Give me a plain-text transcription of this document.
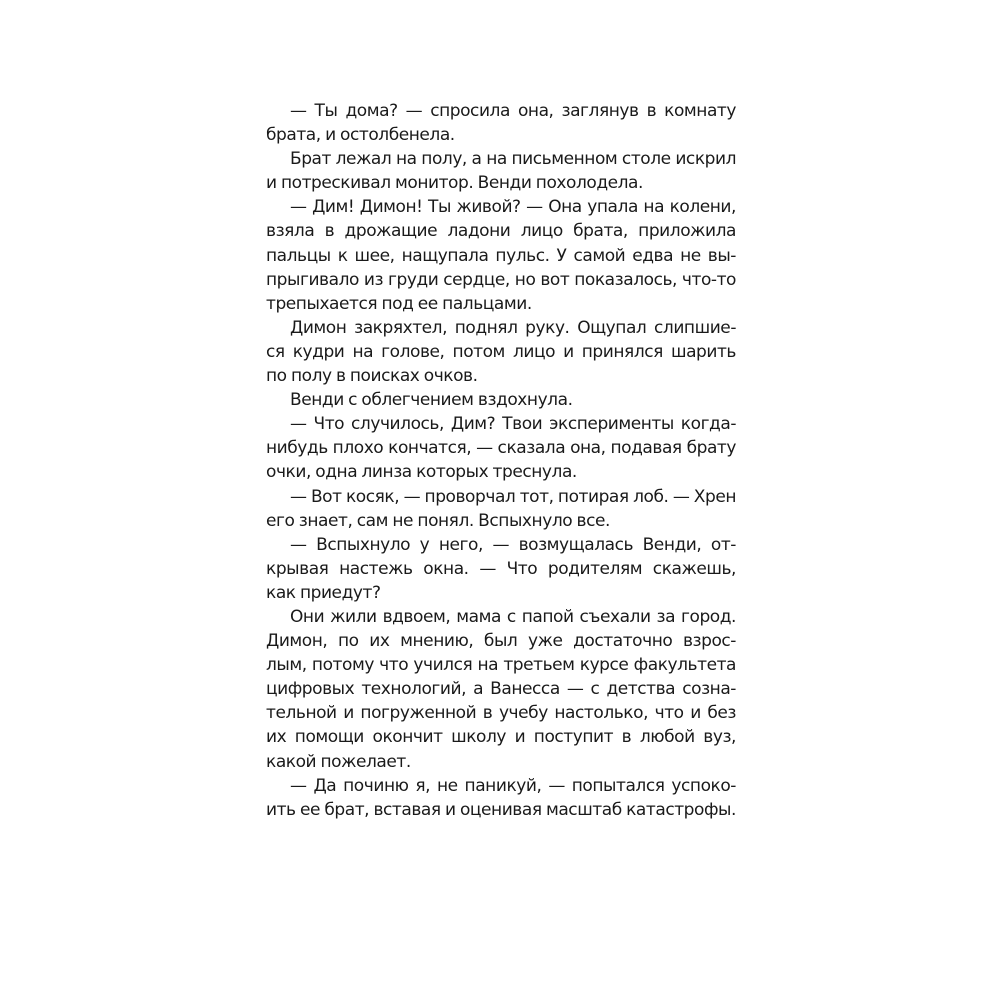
— Ты дома? — спросила она, заглянув в комнату
брата, и остолбенела.
Брат лежал на полу, а на письменном столе искрил
и потрескивал монитор. Венди похолодела.
— Дим! Димон! Ты живой? — Она упала на колени,
взяла в дрожащие ладони лицо брата, приложила
пальцы к шее, нащупала пульс. У самой едва не вы-
прыгивало из груди сердце, но вот показалось, что-то
трепыхается под ее пальцами.
Димон закряхтел, поднял руку. Ощупал слипшие-
ся кудри на голове, потом лицо и принялся шарить
по полу в поисках очков.
Венди с облегчением вздохнула.
— Что случилось, Дим? Твои эксперименты когда-
нибудь плохо кончатся, — сказала она, подавая брату
очки, одна линза которых треснула.
— Вот косяк, — проворчал тот, потирая лоб. — Хрен
его знает, сам не понял. Вспыхнуло все.
— Вспыхнуло у него, — возмущалась Венди, от-
крывая настежь окна. — Что родителям скажешь,
как приедут?
Они жили вдвоем, мама с папой съехали за город.
Димон, по их мнению, был уже достаточно взрос-
лым, потому что учился на третьем курсе факультета
цифровых технологий, а Ванесса — с детства созна-
тельной и погруженной в учебу настолько, что и без
их помощи окончит школу и поступит в любой вуз,
какой пожелает.
— Да починю я, не паникуй, — попытался успоко-
ить ее брат, вставая и оценивая масштаб катастрофы.
